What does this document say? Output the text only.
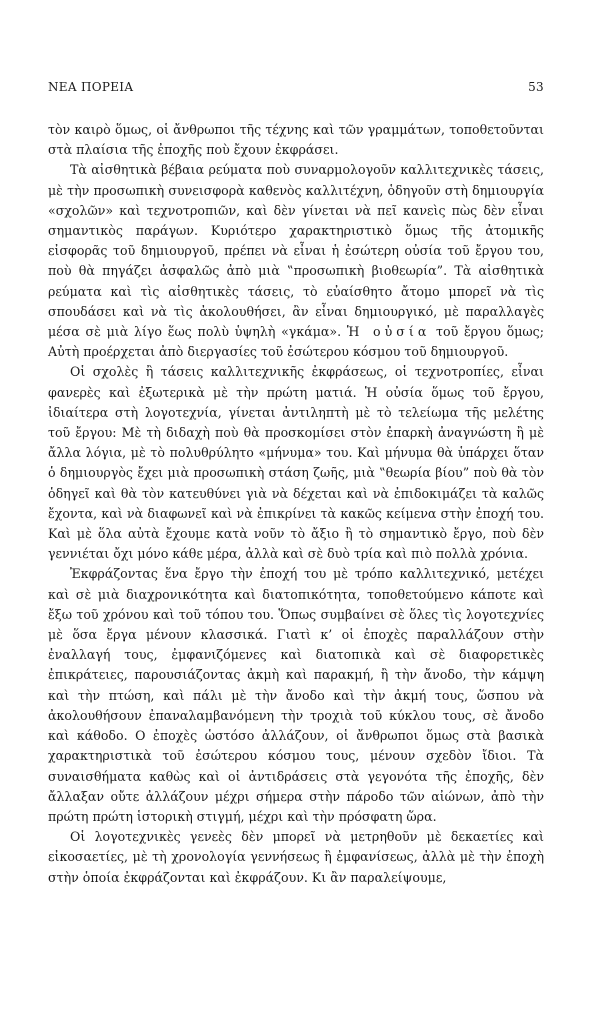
ΝΕΑ ΠΟΡΕΙΑ	53

τὸν καιρὸ ὅμως, οἱ ἄνθρωποι τῆς τέχνης καὶ τῶν γραμμάτων, τοποθετοῦνται στὰ πλαίσια τῆς ἐποχῆς ποὺ ἔχουν ἐκφράσει.

Τὰ αἰσθητικὰ βέβαια ρεύματα ποὺ συναρμολογοῦν καλλιτεχνικὲς τάσεις, μὲ τὴν προσωπικὴ συνεισφορὰ καθενὸς καλλιτέχνη, ὁδηγοῦν στὴ δημιουργία «σχολῶν» καὶ τεχνοτροπιῶν, καὶ δὲν γίνεται νὰ πεῖ κανεὶς πὼς δὲν εἶναι σημαντικὸς παράγων. Κυριότερο χαρακτηριστικὸ ὅμως τῆς ἀτομικῆς εἰσφορᾶς τοῦ δημιουργοῦ, πρέπει νὰ εἶναι ἡ ἐσώτερη οὐσία τοῦ ἔργου του, ποὺ θὰ πηγάζει ἀσφαλῶς ἀπὸ μιὰ ‟προσωπικὴ βιοθεωρία”. Τὰ αἰσθητικὰ ρεύματα καὶ τὶς αἰσθητικὲς τάσεις, τὸ εὐαίσθητο ἄτομο μπορεῖ νὰ τὶς σπουδάσει καὶ νὰ τὶς ἀκολουθήσει, ἂν εἶναι δημιουργικό, μὲ παραλλαγὲς μέσα σὲ μιὰ λίγο ἕως πολὺ ὑψηλὴ «γκάμα». Ἡ οὐσία τοῦ ἔργου ὅμως; Αὐτὴ προέρχεται ἀπὸ διεργασίες τοῦ ἐσώτερου κόσμου τοῦ δημιουργοῦ.

Οἱ σχολὲς ἢ τάσεις καλλιτεχνικῆς ἐκφράσεως, οἱ τεχνοτροπίες, εἶναι φανερὲς καὶ ἐξωτερικὰ μὲ τὴν πρώτη ματιά. Ἡ οὐσία ὅμως τοῦ ἔργου, ἰδιαίτερα στὴ λογοτεχνία, γίνεται ἀντιληπτὴ μὲ τὸ τελείωμα τῆς μελέτης τοῦ ἔργου: Μὲ τὴ διδαχὴ ποὺ θὰ προσκομίσει στὸν ἐπαρκὴ ἀναγνώστη ἢ μὲ ἄλλα λόγια, μὲ τὸ πολυθρύλητο «μήνυμα» του. Καὶ μήνυμα θὰ ὑπάρχει ὅταν ὁ δημιουργὸς ἔχει μιὰ προσωπικὴ στάση ζωῆς, μιὰ ‟θεωρία βίου” ποὺ θὰ τὸν ὁδηγεῖ καὶ θὰ τὸν κατευθύνει γιὰ νὰ δέχεται καὶ νὰ ἐπιδοκιμάζει τὰ καλῶς ἔχοντα, καὶ νὰ διαφωνεῖ καὶ νὰ ἐπικρίνει τὰ κακῶς κείμενα στὴν ἐποχή του. Καὶ μὲ ὅλα αὐτὰ ἔχουμε κατὰ νοῦν τὸ ἄξιο ἢ τὸ σημαντικὸ ἔργο, ποὺ δὲν γεννιέται ὄχι μόνο κάθε μέρα, ἀλλὰ καὶ σὲ δυὸ τρία καὶ πιὸ πολλὰ χρόνια.

Ἐκφράζοντας ἕνα ἔργο τὴν ἐποχή του μὲ τρόπο καλλιτεχνικό, μετέχει καὶ σὲ μιὰ διαχρονικότητα καὶ διατοπικότητα, τοποθετούμενο κάποτε καὶ ἔξω τοῦ χρόνου καὶ τοῦ τόπου του. Ὅπως συμβαίνει σὲ ὅλες τὶς λογοτεχνίες μὲ ὅσα ἔργα μένουν κλασσικά. Γιατὶ κ’ οἱ ἐποχὲς παραλλάζουν στὴν ἐναλλαγή τους, ἐμφανιζόμενες καὶ διατοπικὰ καὶ σὲ διαφορετικὲς ἐπικράτειες, παρουσιάζοντας ἀκμὴ καὶ παρακμή, ἢ τὴν ἄνοδο, τὴν κάμψη καὶ τὴν πτώση, καὶ πάλι μὲ τὴν ἄνοδο καὶ τὴν ἀκμή τους, ὥσπου νὰ ἀκολουθήσουν ἐπαναλαμβανόμενη τὴν τροχιὰ τοῦ κύκλου τους, σὲ ἄνοδο καὶ κάθοδο. Ο ἐποχὲς ὡστόσο ἀλλάζουν, οἱ ἄνθρωποι ὅμως στὰ βασικὰ χαρακτηριστικὰ τοῦ ἐσώτερου κόσμου τους, μένουν σχεδὸν ἴδιοι. Τὰ συναισθήματα καθὼς καὶ οἱ ἀντιδράσεις στὰ γεγονότα τῆς ἐποχῆς, δὲν ἄλλαξαν οὔτε ἀλλάζουν μέχρι σήμερα στὴν πάροδο τῶν αἰώνων, ἀπὸ τὴν πρώτη πρώτη ἱστορικὴ στιγμή, μέχρι καὶ τὴν πρόσφατη ὥρα.

Οἱ λογοτεχνικὲς γενεὲς δὲν μπορεῖ νὰ μετρηθοῦν μὲ δεκαετίες καὶ εἰκοσαετίες, μὲ τὴ χρονολογία γεννήσεως ἢ ἐμφανίσεως, ἀλλὰ μὲ τὴν ἐποχὴ στὴν ὁποία ἐκφράζονται καὶ ἐκφράζουν. Κι ἂν παραλείψουμε,
